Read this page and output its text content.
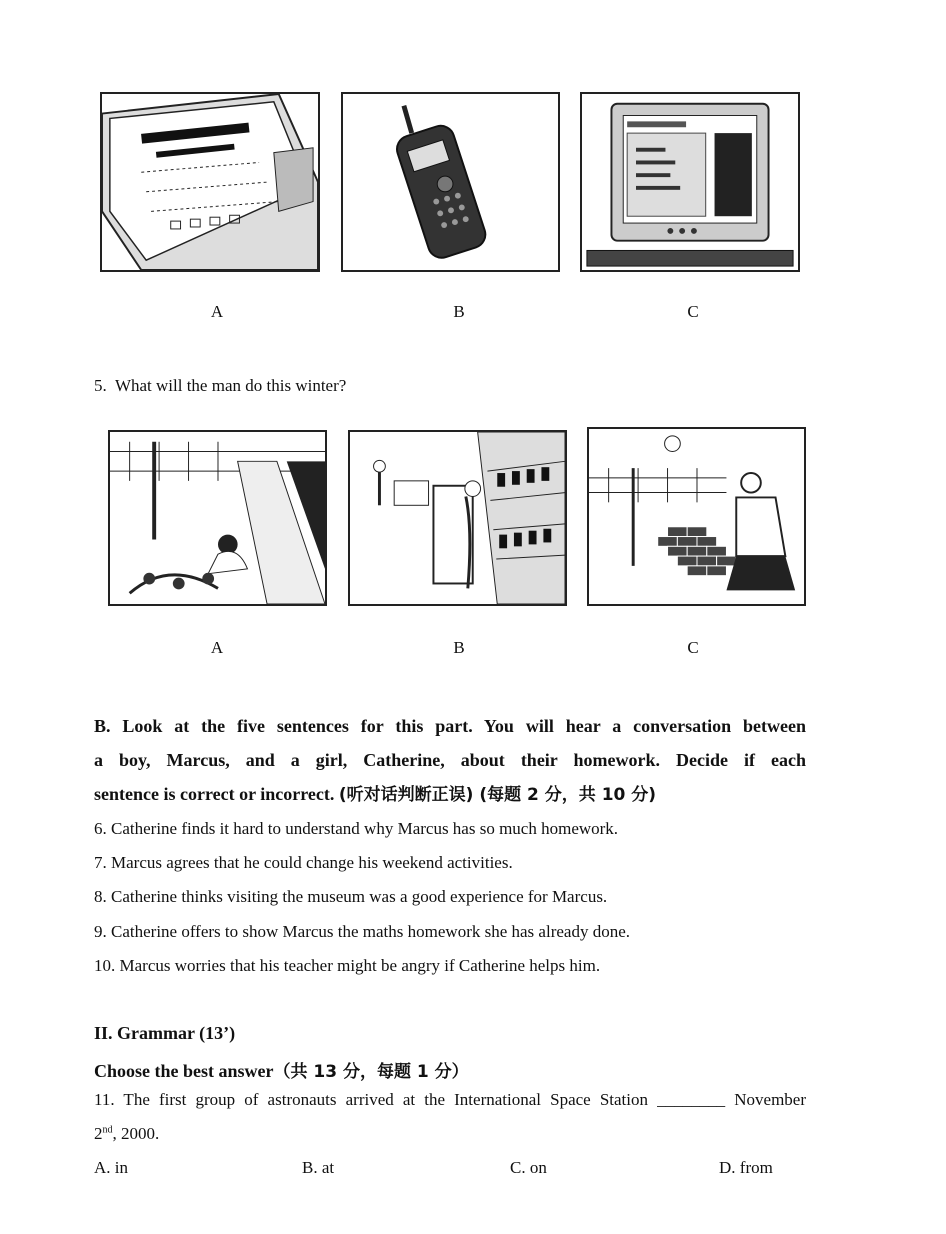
A	B	C
5. What will the man do this winter?
A	B	C
B. Look at the five sentences for this part. You will hear a conversation between
a boy, Marcus, and a girl, Catherine, about their homework. Decide if each
sentence is correct or incorrect. (听对话判断正误) (每题 2 分，共 10 分)
6. Catherine finds it hard to understand why Marcus has so much homework.
7. Marcus agrees that he could change his weekend activities.
8. Catherine thinks visiting the museum was a good experience for Marcus.
9. Catherine offers to show Marcus the maths homework she has already done.
10. Marcus worries that his teacher might be angry if Catherine helps him.
II. Grammar (13’)
Choose the best answer（共 13 分，每题 1 分）
11. The first group of astronauts arrived at the International Space Station ________ November
2nd, 2000.
A. in	B. at	C. on	D. from
